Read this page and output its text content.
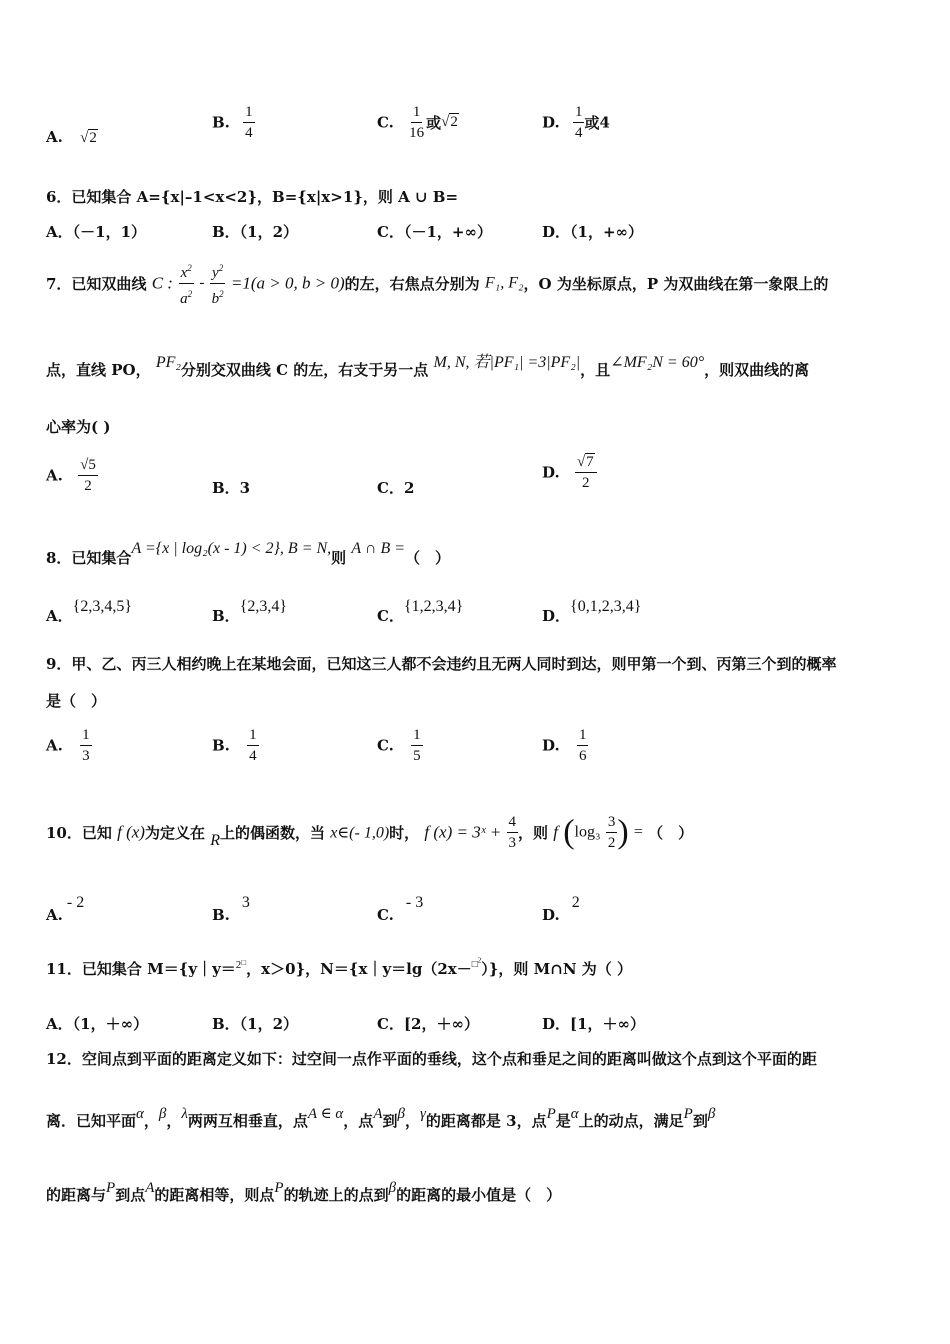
A. √2
B. $\frac{1}{4}$	C. $\frac{1}{16}$ 或√2	D. $\frac{1}{4}$ 或4
6．已知集合 A={x|–1<x<2}，B={x|x>1}，则 A ∪ B=
A．（－1，1）	B．（1，2）	C．（－1，+∞）	D．（1，+∞）
7．已知双曲线 C : $\frac{x^2}{a^2} - \frac{y^2}{b^2} =1(a > 0$, b > 0)的左，右焦点分别为 F₁, F₂，O 为坐标原点，P 为双曲线在第一象限上的
点，直线 PO， PF₂分别交双曲线 C 的左，右支于另一点 M, N, 若|PF₁| =3|PF₂|，且∠MF₂N = 60°，则双曲线的离
心率为( )
A. $\frac{√5}{2}$	B．3	C．2
D. $\frac{√7}{2}$
8．已知集合A ={x | log₂(x - 1) < 2}, B = N,则 A ∩ B =（　）
A．{2,3,4,5}
B．{2,3,4}
C．{1,2,3,4}
D．{0,1,2,3,4}
9．甲、乙、丙三人相约晚上在某地会面，已知这三人都不会违约且无两人同时到达，则甲第一个到、丙第三个到的概率
是（　）
A. $\frac{1}{3}$	B. $\frac{1}{4}$	C. $\frac{1}{5}$	D. $\frac{1}{6}$
10．已知 f (x)为定义在 R上的偶函数，当 x∈(- 1,0)时， f (x) = 3ˣ + $\frac{4}{3}$ ，则 f ($\log_3 \frac{3}{2}$ ) = （　）
A.- 2
B.3
C.- 3
D.2
11．已知集合 M＝{y｜y＝$^{2□}$，x＞0}，N＝{x｜y＝lg（2x－$^{□^2}$）}，则 M∩N 为（ ）
A．（1，＋∞）	B．（1，2）	C．[2，＋∞）	D．[1，＋∞）
12．空间点到平面的距离定义如下：过空间一点作平面的垂线，这个点和垂足之间的距离叫做这个点到这个平面的距
离．已知平面α，β，λ两两互相垂直，点A ∈ α，点A到β，γ的距离都是 3，点P是α上的动点，满足P到β
的距离与P到点A的距离相等，则点P的轨迹上的点到β的距离的最小值是（　）
